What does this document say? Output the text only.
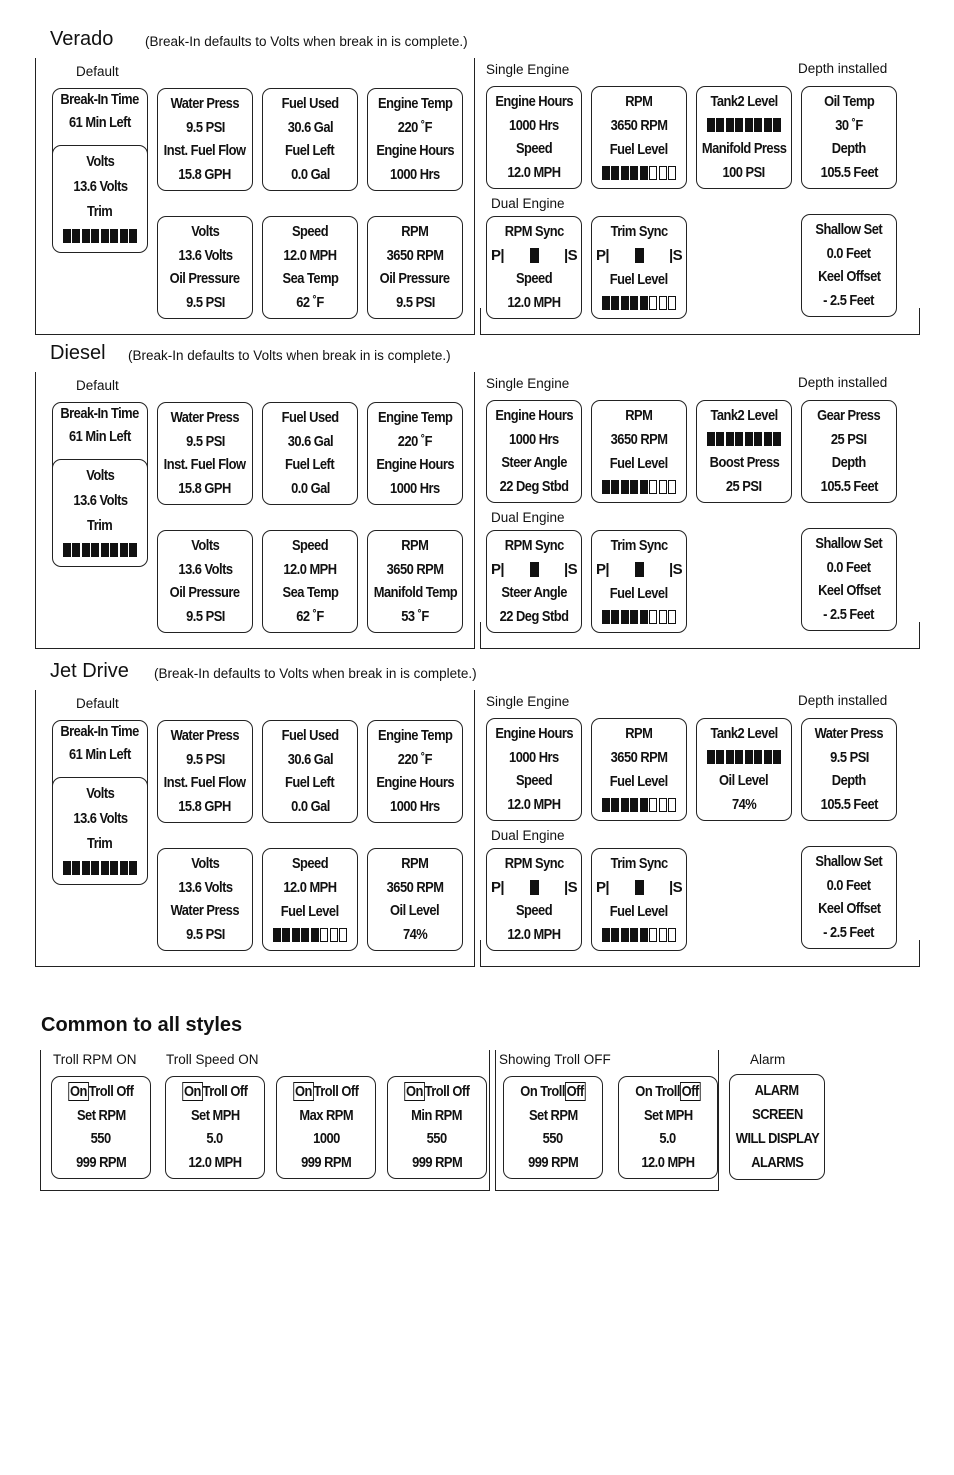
Verado (Break-In defaults to Volts when break in is complete.)
Default	Single Engine	Depth installed
Dual Engine
Break-In Time
61 Min Left
Volts
13.6 Volts
Trim
Water Press
9.5 PSI
Inst. Fuel Flow
15.8 GPH
Fuel Used
30.6 Gal
Fuel Left
0.0 Gal
Engine Temp
220 ˚F
Engine Hours
1000 Hrs
Volts
13.6 Volts
Oil Pressure
9.5 PSI
Speed
12.0 MPH
Sea Temp
62 ˚F
RPM
3650 RPM
Oil Pressure
9.5 PSI
Engine Hours
1000 Hrs
Speed
12.0 MPH
RPM
3650 RPM
Fuel Level
Tank2 Level
Manifold Press
100 PSI
Oil Temp
30 ˚F
Depth
105.5 Feet
RPM Sync
P|	|S
Speed
12.0 MPH
Trim Sync
P|	|S
Fuel Level
Shallow Set
0.0 Feet
Keel Offset
- 2.5 Feet
Diesel (Break-In defaults to Volts when break in is complete.)
Default	Single Engine	Depth installed
Dual Engine
Break-In Time
61 Min Left
Volts
13.6 Volts
Trim
Water Press
9.5 PSI
Inst. Fuel Flow
15.8 GPH
Fuel Used
30.6 Gal
Fuel Left
0.0 Gal
Engine Temp
220 ˚F
Engine Hours
1000 Hrs
Volts
13.6 Volts
Oil Pressure
9.5 PSI
Speed
12.0 MPH
Sea Temp
62 ˚F
RPM
3650 RPM
Manifold Temp
53 ˚F
Engine Hours
1000 Hrs
Steer Angle
22 Deg Stbd
RPM
3650 RPM
Fuel Level
Tank2 Level
Boost Press
25 PSI
Gear Press
25 PSI
Depth
105.5 Feet
RPM Sync
P|	|S
Steer Angle
22 Deg Stbd
Trim Sync
P|	|S
Fuel Level
Shallow Set
0.0 Feet
Keel Offset
- 2.5 Feet
Jet Drive (Break-In defaults to Volts when break in is complete.)
Default	Single Engine	Depth installed
Dual Engine
Break-In Time
61 Min Left
Volts
13.6 Volts
Trim
Water Press
9.5 PSI
Inst. Fuel Flow
15.8 GPH
Fuel Used
30.6 Gal
Fuel Left
0.0 Gal
Engine Temp
220 ˚F
Engine Hours
1000 Hrs
Volts
13.6 Volts
Water Press
9.5 PSI
Speed
12.0 MPH
Fuel Level
RPM
3650 RPM
Oil Level
74%
Engine Hours
1000 Hrs
Speed
12.0 MPH
RPM
3650 RPM
Fuel Level
Tank2 Level
Oil Level
74%
Water Press
9.5 PSI
Depth
105.5 Feet
RPM Sync
P|	|S
Speed
12.0 MPH
Trim Sync
P|	|S
Fuel Level
Shallow Set
0.0 Feet
Keel Offset
- 2.5 Feet
Common to all styles
Troll RPM ON Troll Speed ON	Showing Troll OFF	Alarm
On Troll Off
Set RPM
550
999 RPM
On Troll Off
Set MPH
5.0
12.0 MPH
On Troll Off
Max RPM
1000
999 RPM
On Troll Off
Min RPM
550
999 RPM
On Troll Off
Set RPM
550
999 RPM
On Troll Off
Set MPH
5.0
12.0 MPH
ALARM
SCREEN
WILL DISPLAY
ALARMS
